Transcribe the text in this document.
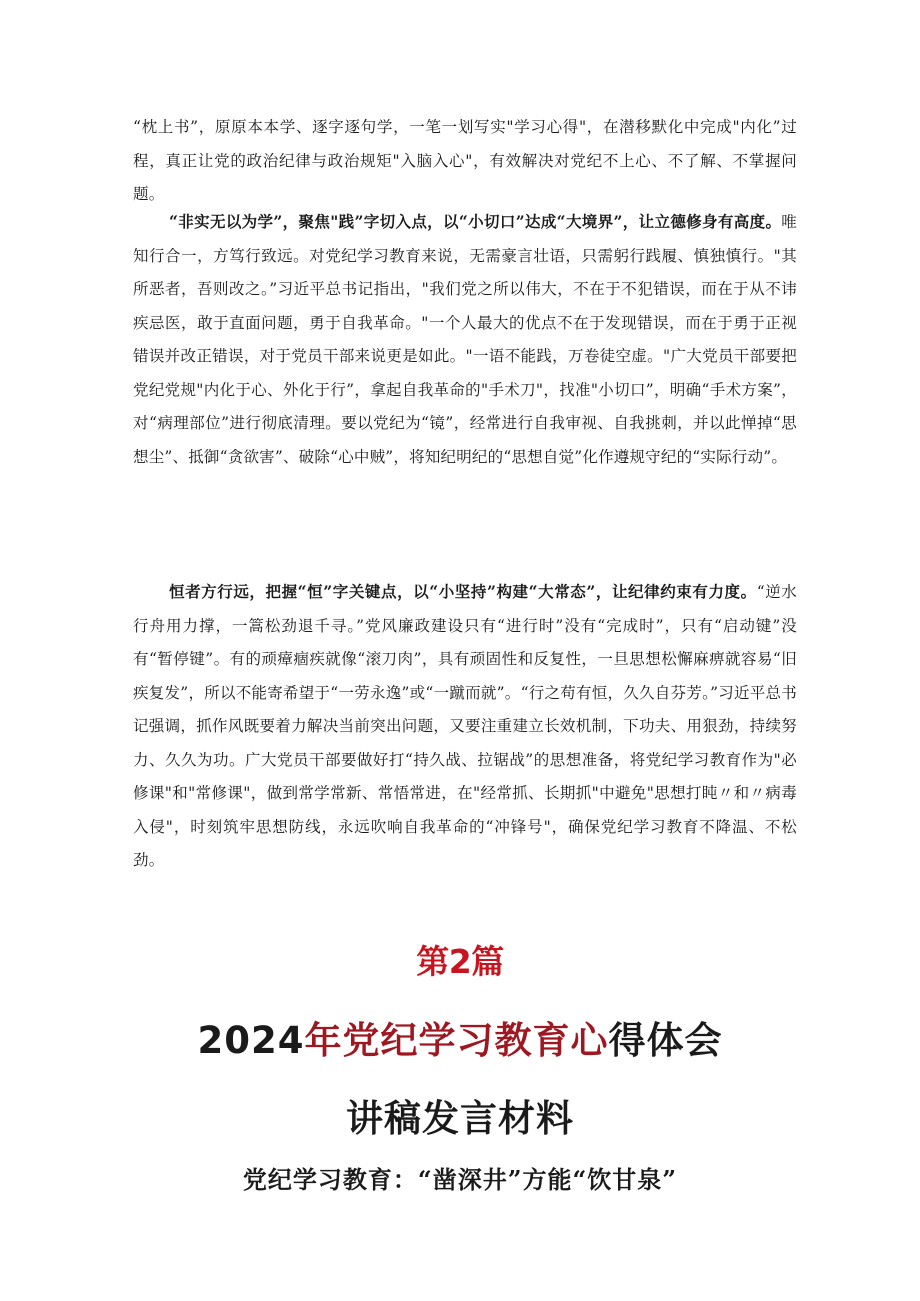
“枕上书”，原原本本学、逐字逐句学，一笔一划写实"学习心得"，在潜移默化中完成"内化”过程，真正让党的政治纪律与政治规矩"入脑入心"，有效解决对党纪不上心、不了解、不掌握问题。

“非实无以为学”，聚焦"践”字切入点，以“小切口”达成“大境界”，让立德修身有高度。唯知行合一，方笃行致远。对党纪学习教育来说，无需豪言壮语，只需躬行践履、慎独慎行。"其所恶者，吾则改之。”习近平总书记指出，"我们党之所以伟大，不在于不犯错误，而在于从不讳疾忌医，敢于直面问题，勇于自我革命。"一个人最大的优点不在于发现错误，而在于勇于正视错误并改正错误，对于党员干部来说更是如此。"一语不能践，万卷徒空虚。"广大党员干部要把党纪党规"内化于心、外化于行”，拿起自我革命的"手术刀"，找准"小切口”，明确“手术方案”，对“病理部位”进行彻底清理。要以党纪为“镜”，经常进行自我审视、自我挑刺，并以此惮掉“思想尘”、抵御“贪欲害”、破除“心中贼”，将知纪明纪的“思想自觉”化作遵规守纪的“实际行动”。

恒者方行远，把握“恒”字关键点，以“小坚持”构建“大常态”，让纪律约束有力度。“逆水行舟用力撑，一篙松劲退千寻。”党风廉政建设只有“进行时”没有“完成时”，只有“启动键”没有“暂停键”。有的顽瘴痼疾就像“滚刀肉”，具有顽固性和反复性，一旦思想松懈麻痹就容易“旧疾复发”，所以不能寄希望于“一劳永逸”或“一蹴而就”。“行之苟有恒，久久自芬芳。”习近平总书记强调，抓作风既要着力解决当前突出问题，又要注重建立长效机制，下功夫、用狠劲，持续努力、久久为功。广大党员干部要做好打“持久战、拉锯战”的思想准备，将党纪学习教育作为"必修课"和"常修课"，做到常学常新、常悟常进，在"经常抓、长期抓"中避免"思想打盹〃和〃病毒入侵"，时刻筑牢思想防线，永远吹响自我革命的“冲锋号"，确保党纪学习教育不降温、不松劲。

第2篇
2024年党纪学习教育心得体会
讲稿发言材料
党纪学习教育：“凿深井”方能“饮甘泉”
